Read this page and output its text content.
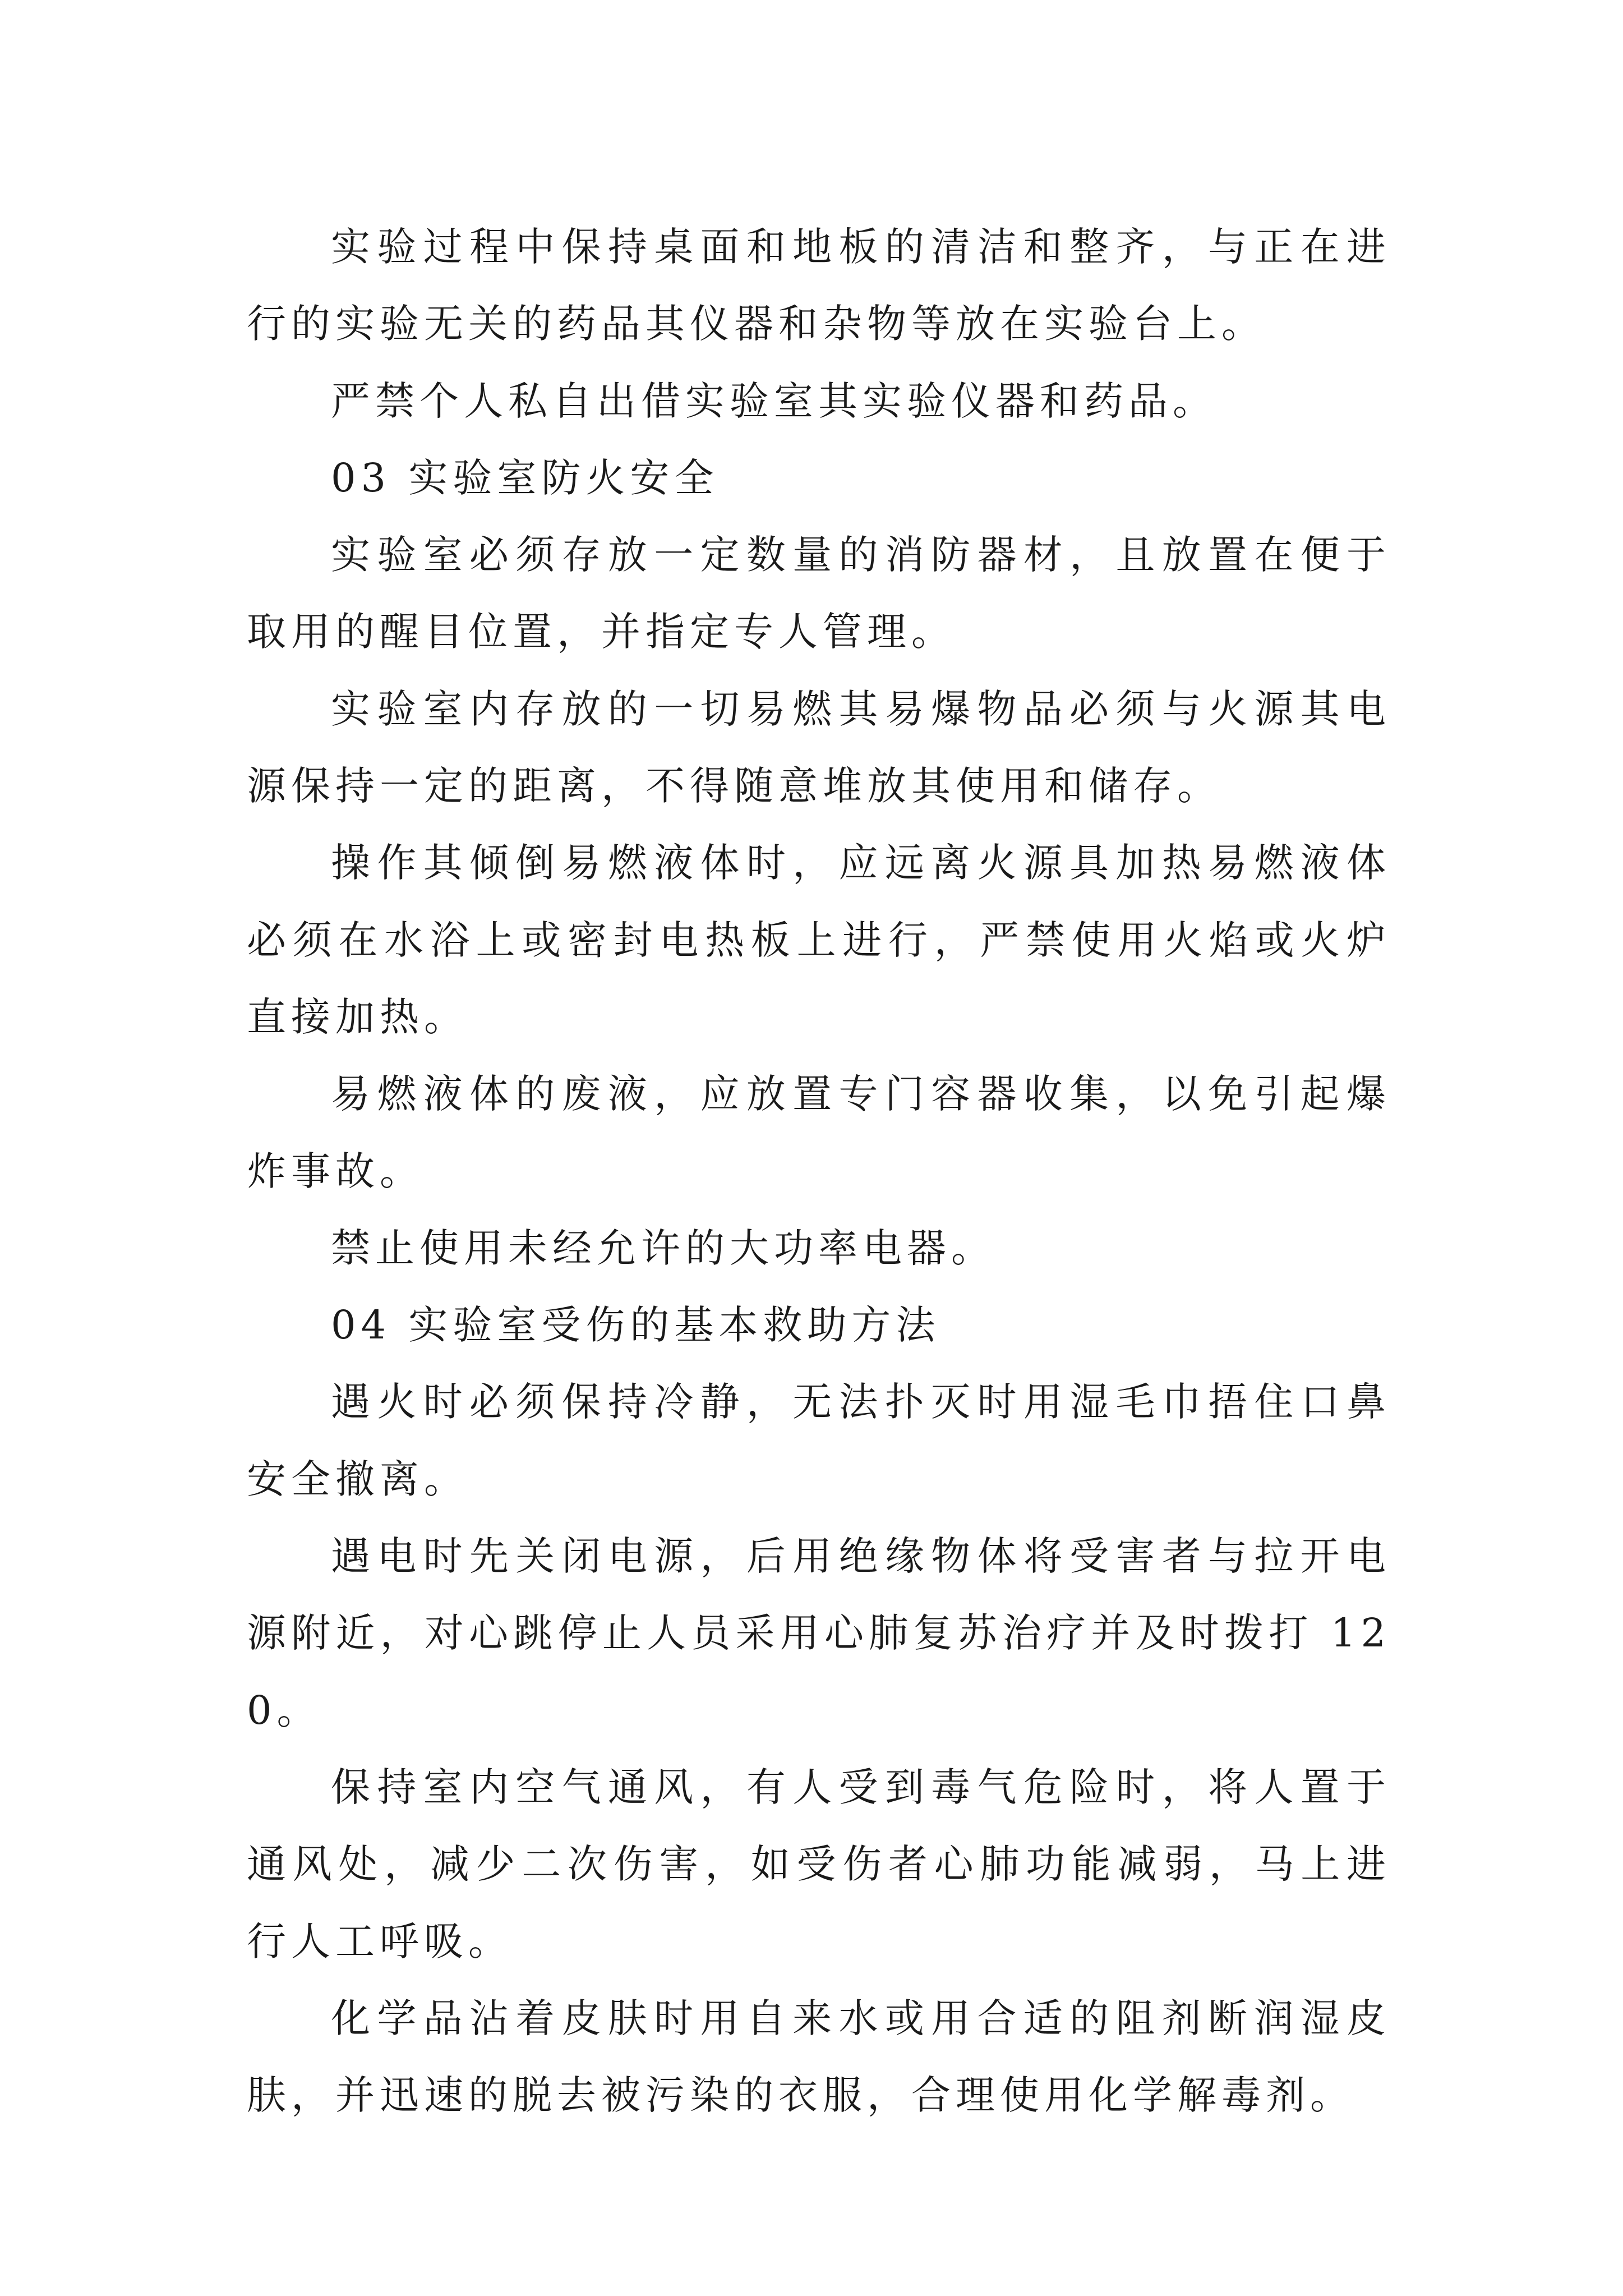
实验过程中保持桌面和地板的清洁和整齐，与正在进行的实验无关的药品其仪器和杂物等放在实验台上。

严禁个人私自出借实验室其实验仪器和药品。

03 实验室防火安全

实验室必须存放一定数量的消防器材，且放置在便于取用的醒目位置，并指定专人管理。

实验室内存放的一切易燃其易爆物品必须与火源其电源保持一定的距离，不得随意堆放其使用和储存。

操作其倾倒易燃液体时，应远离火源具加热易燃液体必须在水浴上或密封电热板上进行，严禁使用火焰或火炉直接加热。

易燃液体的废液，应放置专门容器收集，以免引起爆炸事故。

禁止使用未经允许的大功率电器。

04 实验室受伤的基本救助方法

遇火时必须保持冷静，无法扑灭时用湿毛巾捂住口鼻安全撤离。

遇电时先关闭电源，后用绝缘物体将受害者与拉开电源附近，对心跳停止人员采用心肺复苏治疗并及时拨打 120。

保持室内空气通风，有人受到毒气危险时，将人置于通风处，减少二次伤害，如受伤者心肺功能减弱，马上进行人工呼吸。

化学品沾着皮肤时用自来水或用合适的阻剂断润湿皮肤，并迅速的脱去被污染的衣服，合理使用化学解毒剂。
